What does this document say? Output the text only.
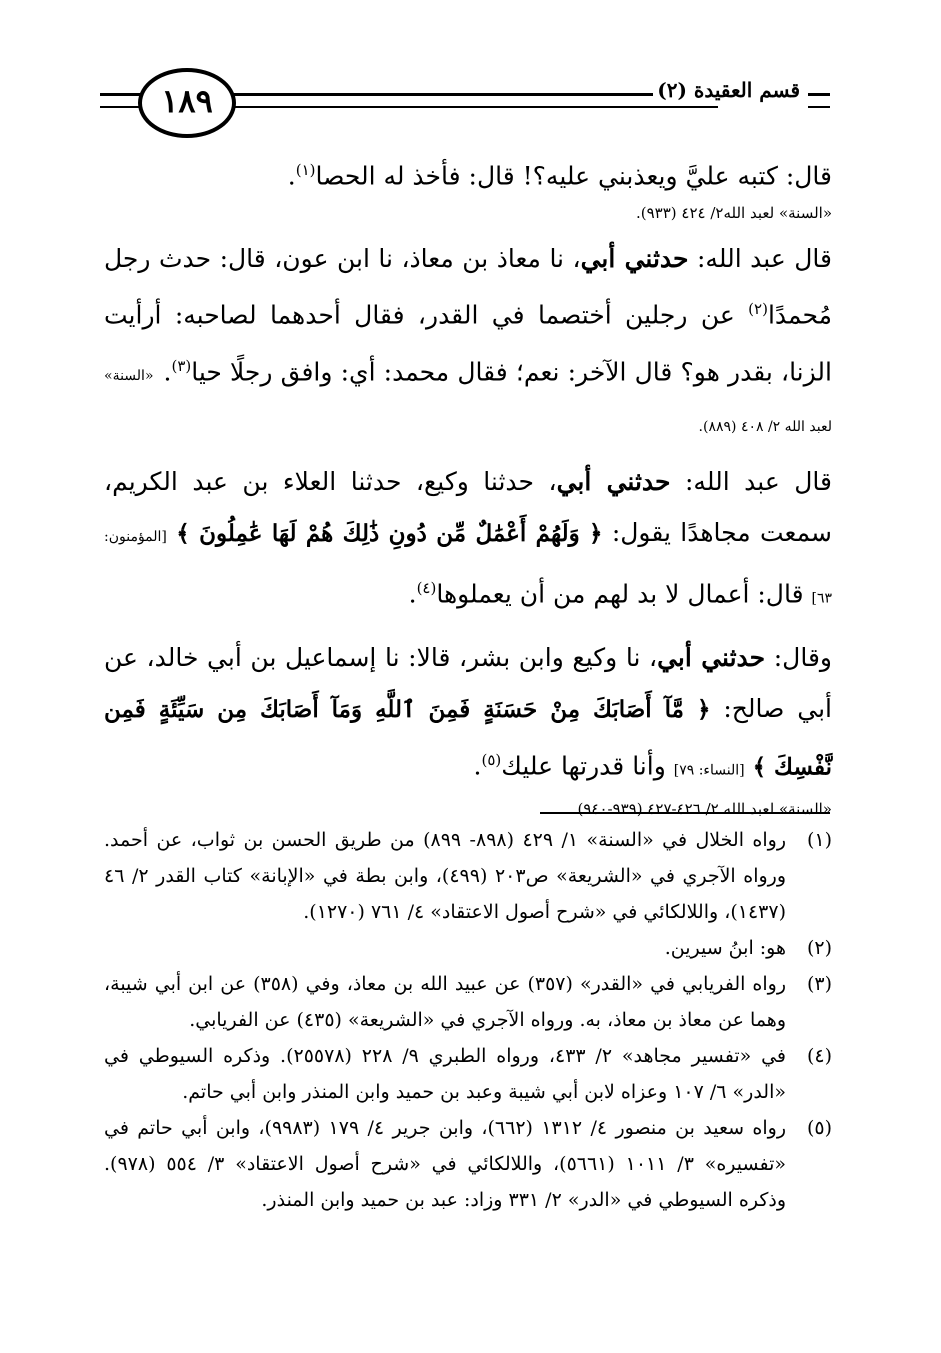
١٨٩	قسم العقيدة (٢)

قال: كتبه عليَّ ويعذبني عليه؟! قال: فأخذ له الحصا$^{(١)}$.

«السنة» لعبد الله٢/ ٤٢٤ (٩٣٣).

قال عبد الله: حدثني أبي، نا معاذ بن معاذ، نا ابن عون، قال: حدث رجل مُحمدًا$^{(٢)}$ عن رجلين أختصما في القدر، فقال أحدهما لصاحبه: أرأيت الزنا، بقدر هو؟ قال الآخر: نعم؛ فقال محمد: أي: وافق رجلًا حيا$^{(٣)}$.«السنة» لعبد الله ٢/ ٤٠٨ (٨٨٩).

قال عبد الله: حدثني أبي، حدثنا وكيع، حدثنا العلاء بن عبد الكريم، سمعت مجاهدًا يقول: ﴿ وَلَهُمْ أَعْمَٰلٌ مِّن دُونِ ذَٰلِكَ هُمْ لَهَا عَٰمِلُونَ ﴾ [المؤمنون: ٦٣] قال: أعمال لا بد لهم من أن يعملوها$^{(٤)}$.

وقال: حدثني أبي، نا وكيع وابن بشر، قالا: نا إسماعيل بن أبي خالد، عن أبي صالح: ﴿ مَّآ أَصَابَكَ مِنْ حَسَنَةٍ فَمِنَ ٱللَّهِ وَمَآ أَصَابَكَ مِن سَيِّئَةٍ فَمِن نَّفْسِكَ ﴾ [النساء: ٧٩] وأنا قدرتها عليك$^{(٥)}$.

«السنة» لعبد الله ٢/ ٤٢٦-٤٢٧ (٩٣٩-٩٤٠).

(١)
رواه الخلال في «السنة» ١/ ٤٢٩ (٨٩٨- ٨٩٩) من طريق الحسن بن ثواب، عن أحمد. ورواه الآجري في «الشريعة» ص٢٠٣ (٤٩٩)، وابن بطة في «الإبانة» كتاب القدر ٢/ ٤٦ (١٤٣٧)، واللالكائي في «شرح أصول الاعتقاد» ٤/ ٧٦١ (١٢٧٠).
(٢)
هو: ابنُ سيرين.
(٣)
رواه الفريابي في «القدر» (٣٥٧) عن عبيد الله بن معاذ، وفي (٣٥٨) عن ابن أبي شيبة، وهما عن معاذ بن معاذ، به. ورواه الآجري في «الشريعة» (٤٣٥) عن الفريابي.
(٤)
في «تفسير مجاهد» ٢/ ٤٣٣، ورواه الطبري ٩/ ٢٢٨ (٢٥٥٧٨). وذكره السيوطي في «الدر» ٦/ ١٠٧ وعزاه لابن أبي شيبة وعبد بن حميد وابن المنذر وابن أبي حاتم.
(٥)
رواه سعيد بن منصور ٤/ ١٣١٢ (٦٦٢)، وابن جرير ٤/ ١٧٩ (٩٩٨٣)، وابن أبي حاتم في «تفسيره» ٣/ ١٠١١ (٥٦٦١)، واللالكائي في «شرح أصول الاعتقاد» ٣/ ٥٥٤ (٩٧٨). وذكره السيوطي في «الدر» ٢/ ٣٣١ وزاد: عبد بن حميد وابن المنذر.
